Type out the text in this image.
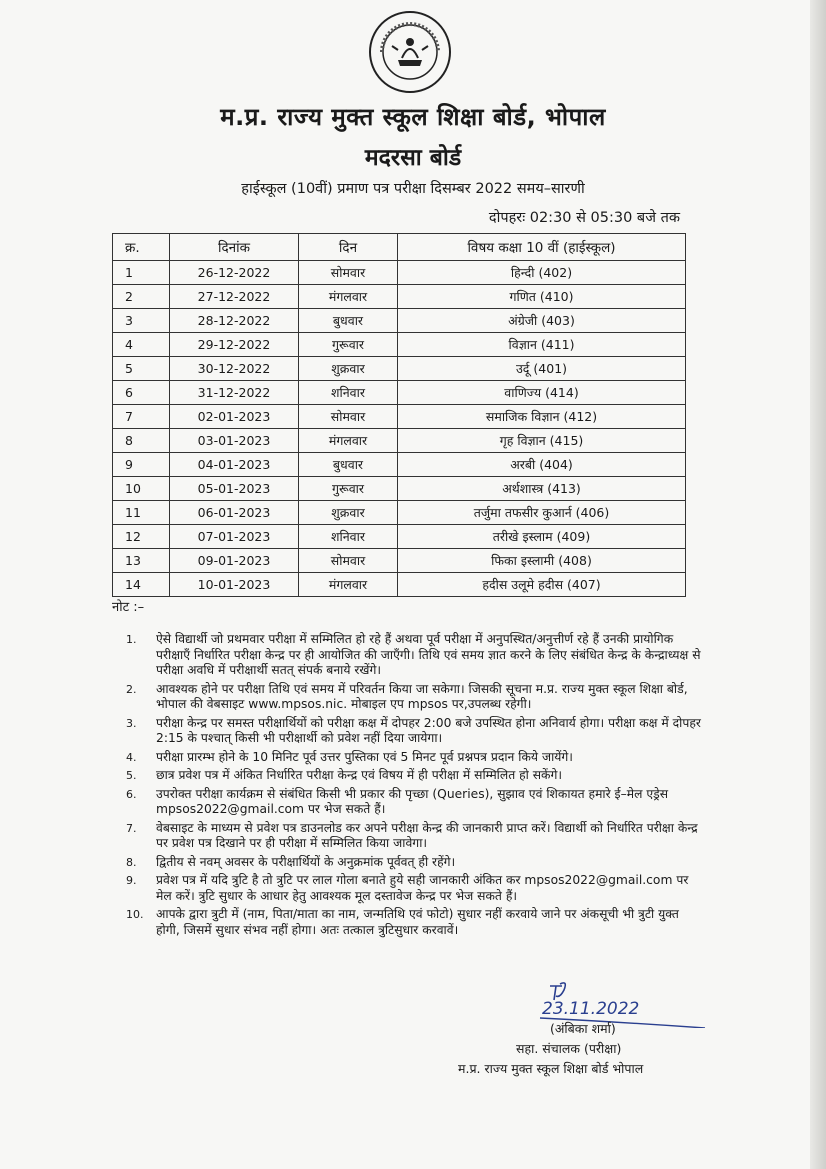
म.प्र. राज्य मुक्त स्कूल शिक्षा बोर्ड, भोपाल
मदरसा बोर्ड
हाईस्कूल (10वीं) प्रमाण पत्र परीक्षा दिसम्बर 2022 समय–सारणी
दोपहरः 02:30 से 05:30 बजे तक
क्र.	दिनांक	दिन	विषय कक्षा 10 वीं (हाईस्कूल)
1	26-12-2022	सोमवार	हिन्दी (402)
2	27-12-2022	मंगलवार	गणित (410)
3	28-12-2022	बुधवार	अंग्रेजी (403)
4	29-12-2022	गुरूवार	विज्ञान (411)
5	30-12-2022	शुक्रवार	उर्दू (401)
6	31-12-2022	शनिवार	वाणिज्य (414)
7	02-01-2023	सोमवार	समाजिक विज्ञान (412)
8	03-01-2023	मंगलवार	गृह विज्ञान (415)
9	04-01-2023	बुधवार	अरबी (404)
10	05-01-2023	गुरूवार	अर्थशास्त्र (413)
11	06-01-2023	शुक्रवार	तर्जुमा तफसीर कुआर्न (406)
12	07-01-2023	शनिवार	तरीखे इस्लाम (409)
13	09-01-2023	सोमवार	फिका इस्लामी (408)
14	10-01-2023	मंगलवार	हदीस उलूमे हदीस (407)
नोट :–
1. ऐसे विद्यार्थी जो प्रथमवार परीक्षा में सम्मिलित हो रहे हैं अथवा पूर्व परीक्षा में अनुपस्थित/अनुत्तीर्ण रहे हैं उनकी प्रायोगिक परीक्षाएँ निर्धारित परीक्षा केन्द्र पर ही आयोजित की जाएँगी। तिथि एवं समय ज्ञात करने के लिए संबंधित केन्द्र के केन्द्राध्यक्ष से परीक्षा अवधि में परीक्षार्थी सतत् संपर्क बनाये रखेंगे।
2. आवश्यक होने पर परीक्षा तिथि एवं समय में परिवर्तन किया जा सकेगा। जिसकी सूचना म.प्र. राज्य मुक्त स्कूल शिक्षा बोर्ड, भोपाल की वेबसाइट www.mpsos.nic. मोबाइल एप mpsos पर,उपलब्ध रहेगी।
3. परीक्षा केन्द्र पर समस्त परीक्षार्थियों को परीक्षा कक्ष में दोपहर 2:00 बजे उपस्थित होना अनिवार्य होगा। परीक्षा कक्ष में दोपहर 2:15 के पश्चात् किसी भी परीक्षार्थी को प्रवेश नहीं दिया जायेगा।
4. परीक्षा प्रारम्भ होने के 10 मिनिट पूर्व उत्तर पुस्तिका एवं 5 मिनट पूर्व प्रश्नपत्र प्रदान किये जायेंगे।
5. छात्र प्रवेश पत्र में अंकित निर्धारित परीक्षा केन्द्र एवं विषय में ही परीक्षा में सम्मिलित हो सकेंगे।
6. उपरोक्त परीक्षा कार्यक्रम से संबंधित किसी भी प्रकार की पृच्छा (Queries), सुझाव एवं शिकायत हमारे ई–मेल एड्रेस mpsos2022@gmail.com पर भेज सकते हैं।
7. वेबसाइट के माध्यम से प्रवेश पत्र डाउनलोड कर अपने परीक्षा केन्द्र की जानकारी प्राप्त करें। विद्यार्थी को निर्धारित परीक्षा केन्द्र पर प्रवेश पत्र दिखाने पर ही परीक्षा में सम्मिलित किया जावेगा।
8. द्वितीय से नवम् अवसर के परीक्षार्थियों के अनुक्रमांक पूर्ववत् ही रहेंगे।
9. प्रवेश पत्र में यदि त्रुटि है तो त्रुटि पर लाल गोला बनाते हुये सही जानकारी अंकित कर mpsos2022@gmail.com पर मेल करें। त्रुटि सुधार के आधार हेतु आवश्यक मूल दस्तावेज केन्द्र पर भेज सकते हैं।
10. आपके द्वारा त्रुटी में (नाम, पिता/माता का नाम, जन्मतिथि एवं फोटो) सुधार नहीं करवाये जाने पर अंकसूची भी त्रुटी युक्त होगी, जिसमें सुधार संभव नहीं होगा। अतः तत्काल त्रुटिसुधार करवावें।
23.11.2022
(अंबिका शर्मा)
सहा. संचालक (परीक्षा)
म.प्र. राज्य मुक्त स्कूल शिक्षा बोर्ड भोपाल
